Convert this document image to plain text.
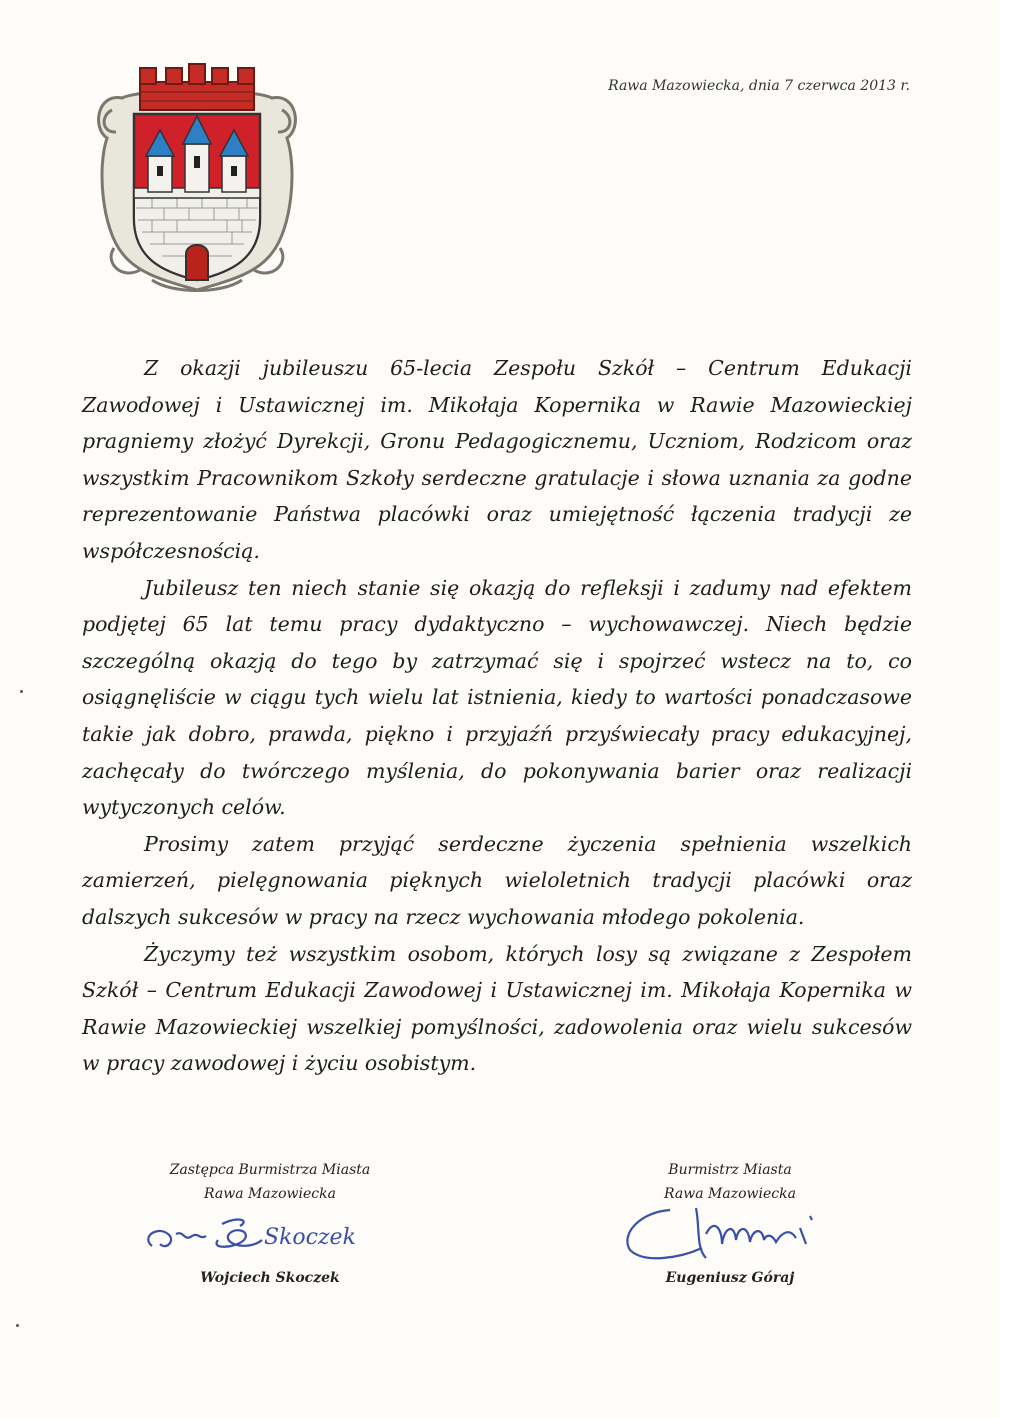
Rawa Mazowiecka, dnia 7 czerwca 2013 r.

Z okazji jubileuszu 65-lecia Zespołu Szkół – Centrum Edukacji Zawodowej i Ustawicznej im. Mikołaja Kopernika w Rawie Mazowieckiej pragniemy złożyć Dyrekcji, Gronu Pedagogicznemu, Uczniom, Rodzicom oraz wszystkim Pracownikom Szkoły serdeczne gratulacje i słowa uznania za godne reprezentowanie Państwa placówki oraz umiejętność łączenia tradycji ze współczesnością.

Jubileusz ten niech stanie się okazją do refleksji i zadumy nad efektem podjętej 65 lat temu pracy dydaktyczno – wychowawczej. Niech będzie szczególną okazją do tego by zatrzymać się i spojrzeć wstecz na to, co osiągnęliście w ciągu tych wielu lat istnienia, kiedy to wartości ponadczasowe takie jak dobro, prawda, piękno i przyjaźń przyświecały pracy edukacyjnej, zachęcały do twórczego myślenia, do pokonywania barier oraz realizacji wytyczonych celów.

Prosimy zatem przyjąć serdeczne życzenia spełnienia wszelkich zamierzeń, pielęgnowania pięknych wieloletnich tradycji placówki oraz dalszych sukcesów w pracy na rzecz wychowania młodego pokolenia.

Życzymy też wszystkim osobom, których losy są związane z Zespołem Szkół – Centrum Edukacji Zawodowej i Ustawicznej im. Mikołaja Kopernika w Rawie Mazowieckiej wszelkiej pomyślności, zadowolenia oraz wielu sukcesów w pracy zawodowej i życiu osobistym.

Zastępca Burmistrza Miasta
Rawa Mazowiecka
Skoczek
Wojciech Skoczek
Burmistrz Miasta
Rawa Mazowiecka
Eugeniusz Góraj
